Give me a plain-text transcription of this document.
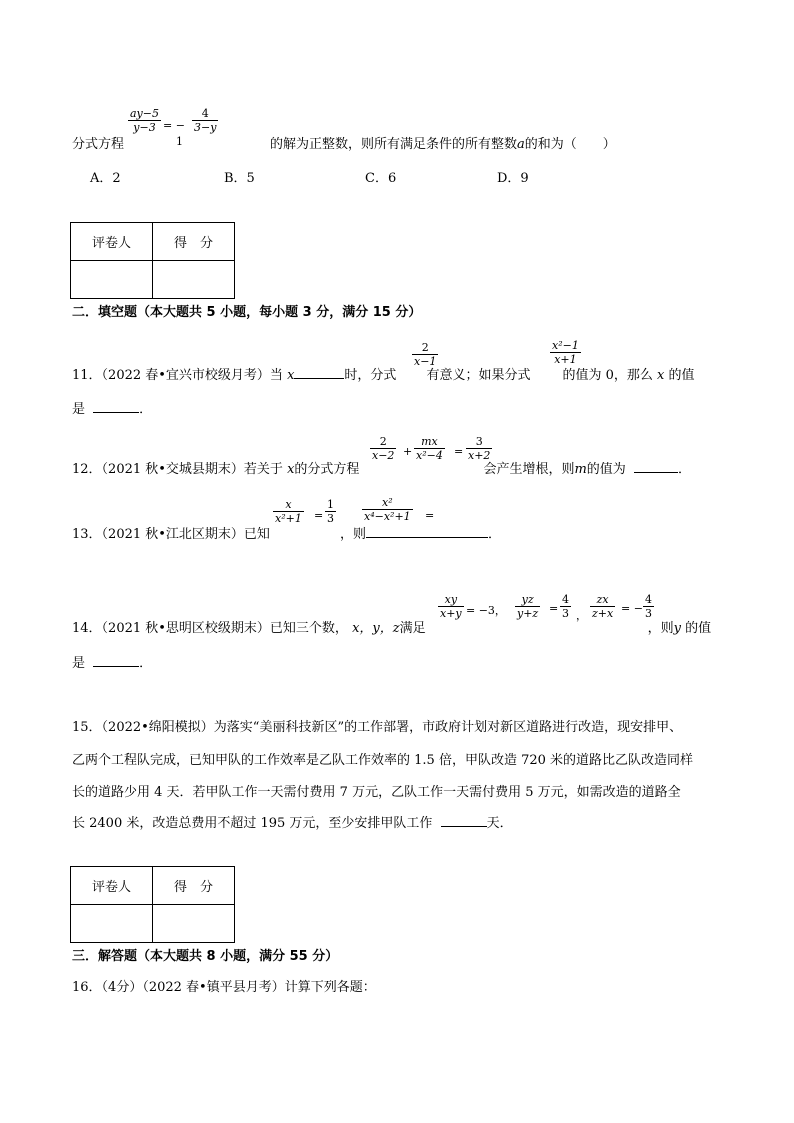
ay−5
y−3 = −
1
4
3−y
分式方程	的解为正整数，则所有满足条件的所有整数a的和为（　　）
A．2	B．5	C．6	D．9
评卷人	得　分

二．填空题（本大题共 5 小题，每小题 3 分，满分 15 分）
2
x−1
x²−1
x+1
11．（2022 春•宜兴市校级月考）当 x	时，分式 有意义；如果分式 的值为 0，那么 x 的值
是	．
2
x−2 +
mx
x²−4 =
3
x+2
12．（2021 秋•交城县期末）若关于 x的分式方程	会产生增根，则m的值为	．
x
x²+1 =
1
3
x²
x⁴−x²+1 =
13．（2021 秋•江北区期末）已知	，则	．
xy
x+y = −3，
yz
y+z =
4
3 ，
zx
z+x = −
4
3
14．（2021 秋•思明区校级期末）已知三个数， x，y，z满足	，则y 的值
是	．
15．（2022•绵阳模拟）为落实“美丽科技新区”的工作部署，市政府计划对新区道路进行改造，现安排甲、
乙两个工程队完成，已知甲队的工作效率是乙队工作效率的 1.5 倍，甲队改造 720 米的道路比乙队改造同样
长的道路少用 4 天．若甲队工作一天需付费用 7 万元，乙队工作一天需付费用 5 万元，如需改造的道路全
长 2400 米，改造总费用不超过 195 万元，至少安排甲队工作	天．
评卷人	得　分

三．解答题（本大题共 8 小题，满分 55 分）
16．（4分）（2022 春•镇平县月考）计算下列各题：
